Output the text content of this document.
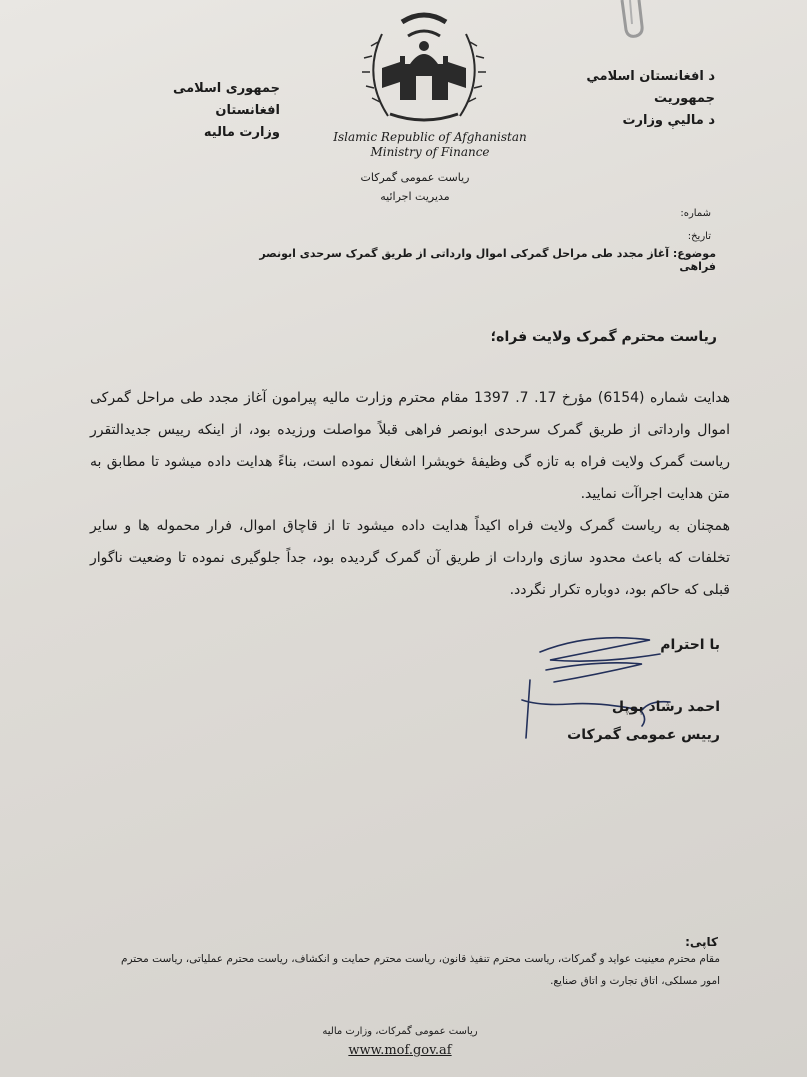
جمهوری اسلامی افغانستان
وزارت مالیه
د افغانستان اسلامي جمهوریت
د مالیې وزارت
Islamic Republic of Afghanistan
Ministry of Finance
ریاست عمومی گمرکات
مدیریت اجرائیه
شماره:
تاریخ:
موضوع: آغاز مجدد طی مراحل گمرکی اموال وارداتی از طریق گمرک سرحدی ابونصر فراهی
ریاست محترم گمرک ولایت فراه؛

هدایت شماره (6154) مؤرخ 17. 7. 1397 مقام محترم وزارت مالیه پیرامون آغاز مجدد طی مراحل گمرکی اموال وارداتی از طریق گمرک سرحدی ابونصر فراهی قبلاً مواصلت ورزیده بود، از اینکه رییس جدیدالتقرر ریاست گمرک ولایت فراه به تازه گی وظیفهٔ خویشرا اشغال نموده است، بناءً هدایت داده میشود تا مطابق به متن هدایت اجراآت نمایید.

همچنان به ریاست گمرک ولایت فراه اکیداً هدایت داده میشود تا از قاچاق اموال، فرار محموله ها و سایر تخلفات که باعث محدود سازی واردات از طریق آن گمرک گردیده بود، جداً جلوگیری نموده تا وضعیت ناگوار قبلی که حاکم بود، دوباره تکرار نگردد.

با احترام
احمد رشاد پوپل
رییس عمومی گمرکات
کاپی:
مقام محترم معینیت عواید و گمرکات، ریاست محترم تنفیذ قانون، ریاست محترم حمایت و انکشاف، ریاست محترم عملیاتی، ریاست محترم امور مسلکی، اتاق تجارت و اتاق صنایع.
ریاست عمومی گمرکات، وزارت مالیه
www.mof.gov.af
